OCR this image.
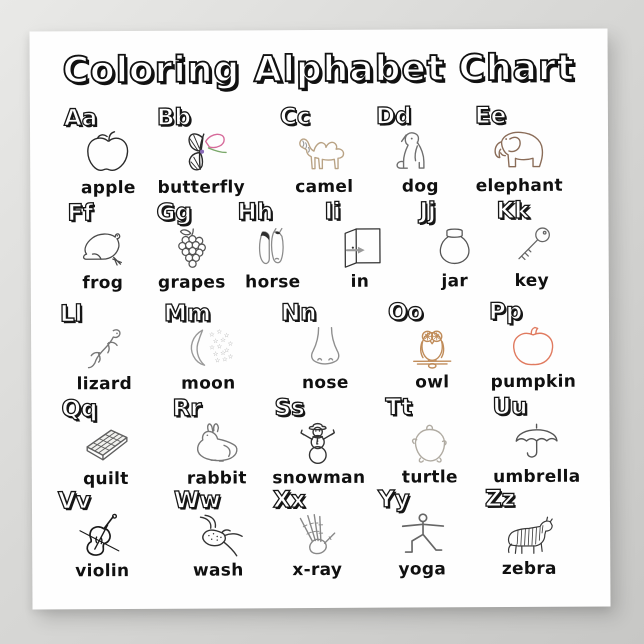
Coloring Alphabet Chart
Aa
apple
Bb
butterfly
Cc
camel
Dd
dog
Ee
elephant
Ff
frog
Gg
grapes
Hh
horse
Ii
in
Jj
jar
Kk
key
Ll
lizard
Mm
☆ ☆ ☆
☆ ☆ ☆
☆ ☆ ☆
☆ ☆ ☆
☆ ☆
moon
Nn
nose
Oo
owl
Pp
pumpkin
Qq
quilt
Rr
rabbit
Ss
snowman
Tt
turtle
Uu
umbrella
Vv
violin
Ww
wash
Xx
x-ray
Yy
yoga
Zz
zebra
